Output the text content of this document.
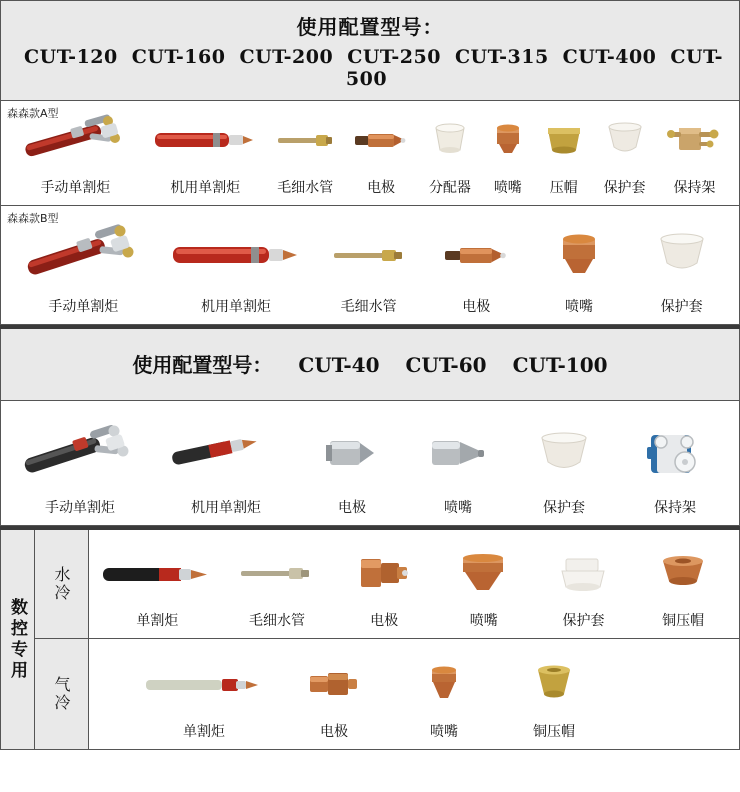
使用配置型号：
CUT-120 CUT-160 CUT-200 CUT-250 CUT-315 CUT-400 CUT-500
森森款A型
手动单割炬	机用单割炬	毛细水管	电极	分配器 喷嘴	压帽	保护套	保持架
森森款B型
手动单割炬	机用单割炬	毛细水管	电极	喷嘴	保护套
使用配置型号： CUT-40 CUT-60 CUT-100
手动单割炬	机用单割炬	电极	喷嘴	保护套	保持架
数控专用
水冷
单割炬	毛细水管	电极	喷嘴	保护套	铜压帽
气冷
单割炬	电极	喷嘴	铜压帽
